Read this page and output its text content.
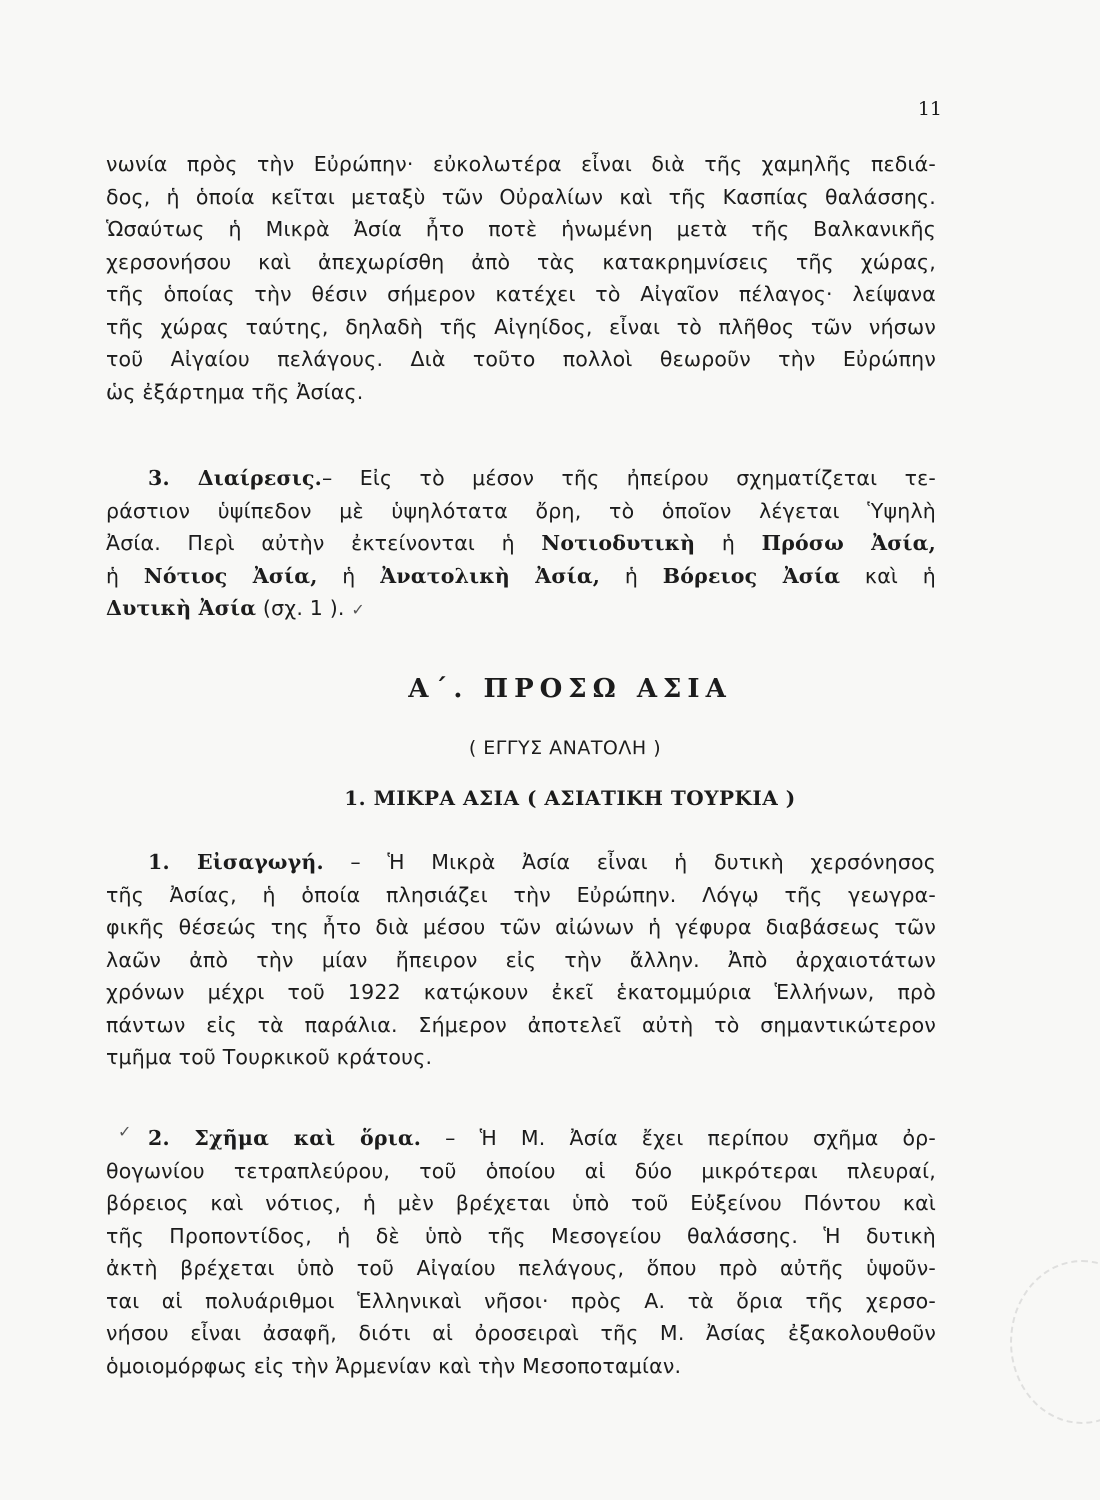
11
νωνία πρὸς τὴν Εὐρώπην· εὐκολωτέρα εἶναι διὰ τῆς χαμηλῆς πεδιά-
δος, ἡ ὁποία κεῖται μεταξὺ τῶν Οὐραλίων καὶ τῆς Κασπίας θαλάσσης.
Ὡσαύτως ἡ Μικρὰ Ἀσία ἦτο ποτὲ ἡνωμένη μετὰ τῆς Βαλκανικῆς
χερσονήσου καὶ ἀπεχωρίσθη ἀπὸ τὰς κατακρημνίσεις τῆς χώρας,
τῆς ὁποίας τὴν θέσιν σήμερον κατέχει τὸ Αἰγαῖον πέλαγος· λείψανα
τῆς χώρας ταύτης, δηλαδὴ τῆς Αἰγηίδος, εἶναι τὸ πλῆθος τῶν νήσων
τοῦ Αἰγαίου πελάγους. Διὰ τοῦτο πολλοὶ θεωροῦν τὴν Εὐρώπην
ὡς ἐξάρτημα τῆς Ἀσίας.
3. Διαίρεσις.– Εἰς τὸ μέσον τῆς ἠπείρου σχηματίζεται τε-
ράστιον ὑψίπεδον μὲ ὑψηλότατα ὄρη, τὸ ὁποῖον λέγεται Ὑψηλὴ
Ἀσία. Περὶ αὐτὴν ἐκτείνονται ἡ Νοτιοδυτικὴ ἡ Πρόσω Ἀσία,
ἡ Νότιος Ἀσία, ἡ Ἀνατολικὴ Ἀσία, ἡ Βόρειος Ἀσία καὶ ἡ
Δυτικὴ Ἀσία (σχ. 1 ). ✓
Α΄. ΠΡΟΣΩ ΑΣΙΑ
( ΕΓΓΥΣ ΑΝΑΤΟΛΗ )
1. ΜΙΚΡΑ ΑΣΙΑ ( ΑΣΙΑΤΙΚΗ ΤΟΥΡΚΙΑ )
1. Εἰσαγωγή. – Ἡ Μικρὰ Ἀσία εἶναι ἡ δυτικὴ χερσόνησος
τῆς Ἀσίας, ἡ ὁποία πλησιάζει τὴν Εὐρώπην. Λόγῳ τῆς γεωγρα-
φικῆς θέσεώς της ἦτο διὰ μέσου τῶν αἰώνων ἡ γέφυρα διαβάσεως τῶν
λαῶν ἀπὸ τὴν μίαν ἤπειρον εἰς τὴν ἄλλην. Ἀπὸ ἀρχαιοτάτων
χρόνων μέχρι τοῦ 1922 κατῴκουν ἐκεῖ ἑκατομμύρια Ἑλλήνων, πρὸ
πάντων εἰς τὰ παράλια. Σήμερον ἀποτελεῖ αὐτὴ τὸ σημαντικώτερον
τμῆμα τοῦ Τουρκικοῦ κράτους.
2. Σχῆμα καὶ ὅρια. – Ἡ Μ. Ἀσία ἔχει περίπου σχῆμα ὀρ-
θογωνίου τετραπλεύρου, τοῦ ὁποίου αἱ δύο μικρότεραι πλευραί,
βόρειος καὶ νότιος, ἡ μὲν βρέχεται ὑπὸ τοῦ Εὐξείνου Πόντου καὶ
τῆς Προποντίδος, ἡ δὲ ὑπὸ τῆς Μεσογείου θαλάσσης. Ἡ δυτικὴ
ἀκτὴ βρέχεται ὑπὸ τοῦ Αἰγαίου πελάγους, ὅπου πρὸ αὐτῆς ὑψοῦν-
ται αἱ πολυάριθμοι Ἑλληνικαὶ νῆσοι· πρὸς Α. τὰ ὅρια τῆς χερσο-
νήσου εἶναι ἀσαφῆ, διότι αἱ ὀροσειραὶ τῆς Μ. Ἀσίας ἐξακολουθοῦν
ὁμοιομόρφως εἰς τὴν Ἀρμενίαν καὶ τὴν Μεσοποταμίαν.
✓
